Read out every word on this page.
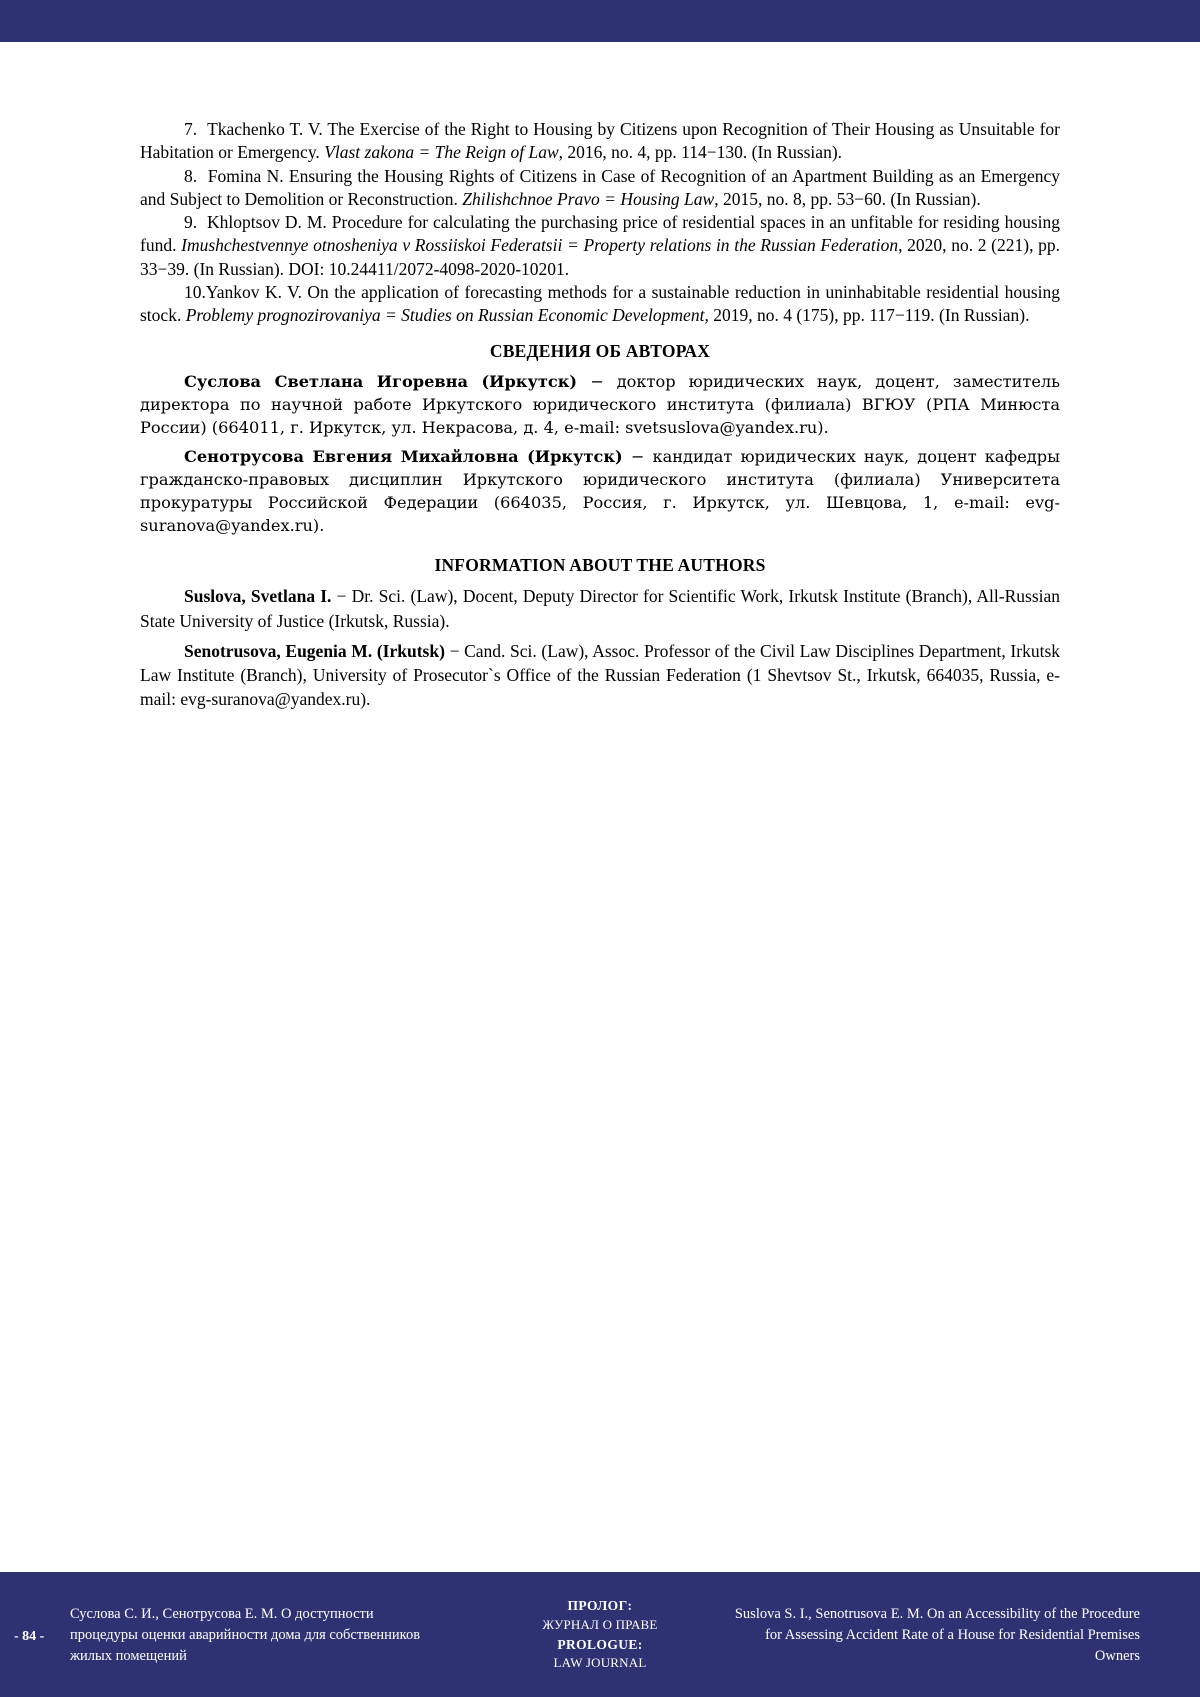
7. Tkachenko T. V. The Exercise of the Right to Housing by Citizens upon Recognition of Their Housing as Unsuitable for Habitation or Emergency. Vlast zakona = The Reign of Law, 2016, no. 4, pp. 114−130. (In Russian).

8. Fomina N. Ensuring the Housing Rights of Citizens in Case of Recognition of an Apartment Building as an Emergency and Subject to Demolition or Reconstruction. Zhilishchnoe Pravo = Housing Law, 2015, no. 8, pp. 53−60. (In Russian).

9. Khloptsov D. M. Procedure for calculating the purchasing price of residential spaces in an unfitable for residing housing fund. Imushchestvennye otnosheniya v Rossiiskoi Federatsii = Property relations in the Russian Federation, 2020, no. 2 (221), pp. 33−39. (In Russian). DOI: 10.24411/2072-4098-2020-10201.

10.Yankov K. V. On the application of forecasting methods for a sustainable reduction in uninhabitable residential housing stock. Problemy prognozirovaniya = Studies on Russian Economic Development, 2019, no. 4 (175), pp. 117−119. (In Russian).

СВЕДЕНИЯ ОБ АВТОРАХ

Суслова Светлана Игоревна (Иркутск) − доктор юридических наук, доцент, заместитель директора по научной работе Иркутского юридического института (филиала) ВГЮУ (РПА Минюста России) (664011, г. Иркутск, ул. Некрасова, д. 4, e-mail: svetsuslova@yandex.ru).

Сенотрусова Евгения Михайловна (Иркутск) − кандидат юридических наук, доцент кафедры гражданско-правовых дисциплин Иркутского юридического института (филиала) Университета прокуратуры Российской Федерации (664035, Россия, г. Иркутск, ул. Шевцова, 1, e-mail: evg-suranova@yandex.ru).

INFORMATION ABOUT THE AUTHORS

Suslova, Svetlana I. − Dr. Sci. (Law), Docent, Deputy Director for Scientific Work, Irkutsk Institute (Branch), All-Russian State University of Justice (Irkutsk, Russia).

Senotrusova, Eugenia M. (Irkutsk) − Cand. Sci. (Law), Assoc. Professor of the Civil Law Disciplines Department, Irkutsk Law Institute (Branch), University of Prosecutor`s Office of the Russian Federation (1 Shevtsov St., Irkutsk, 664035, Russia, e-mail: evg-suranova@yandex.ru).

- 84 -
Суслова С. И., Сенотрусова Е. М. О доступности процедуры оценки аварийности дома для собственников жилых помещений
ПРОЛОГ:
ЖУРНАЛ О ПРАВЕ
PROLOGUE:
LAW JOURNAL
Suslova S. I., Senotrusova E. M. On an Accessibility of the Procedure for Assessing Accident Rate of a House for Residential Premises Owners
